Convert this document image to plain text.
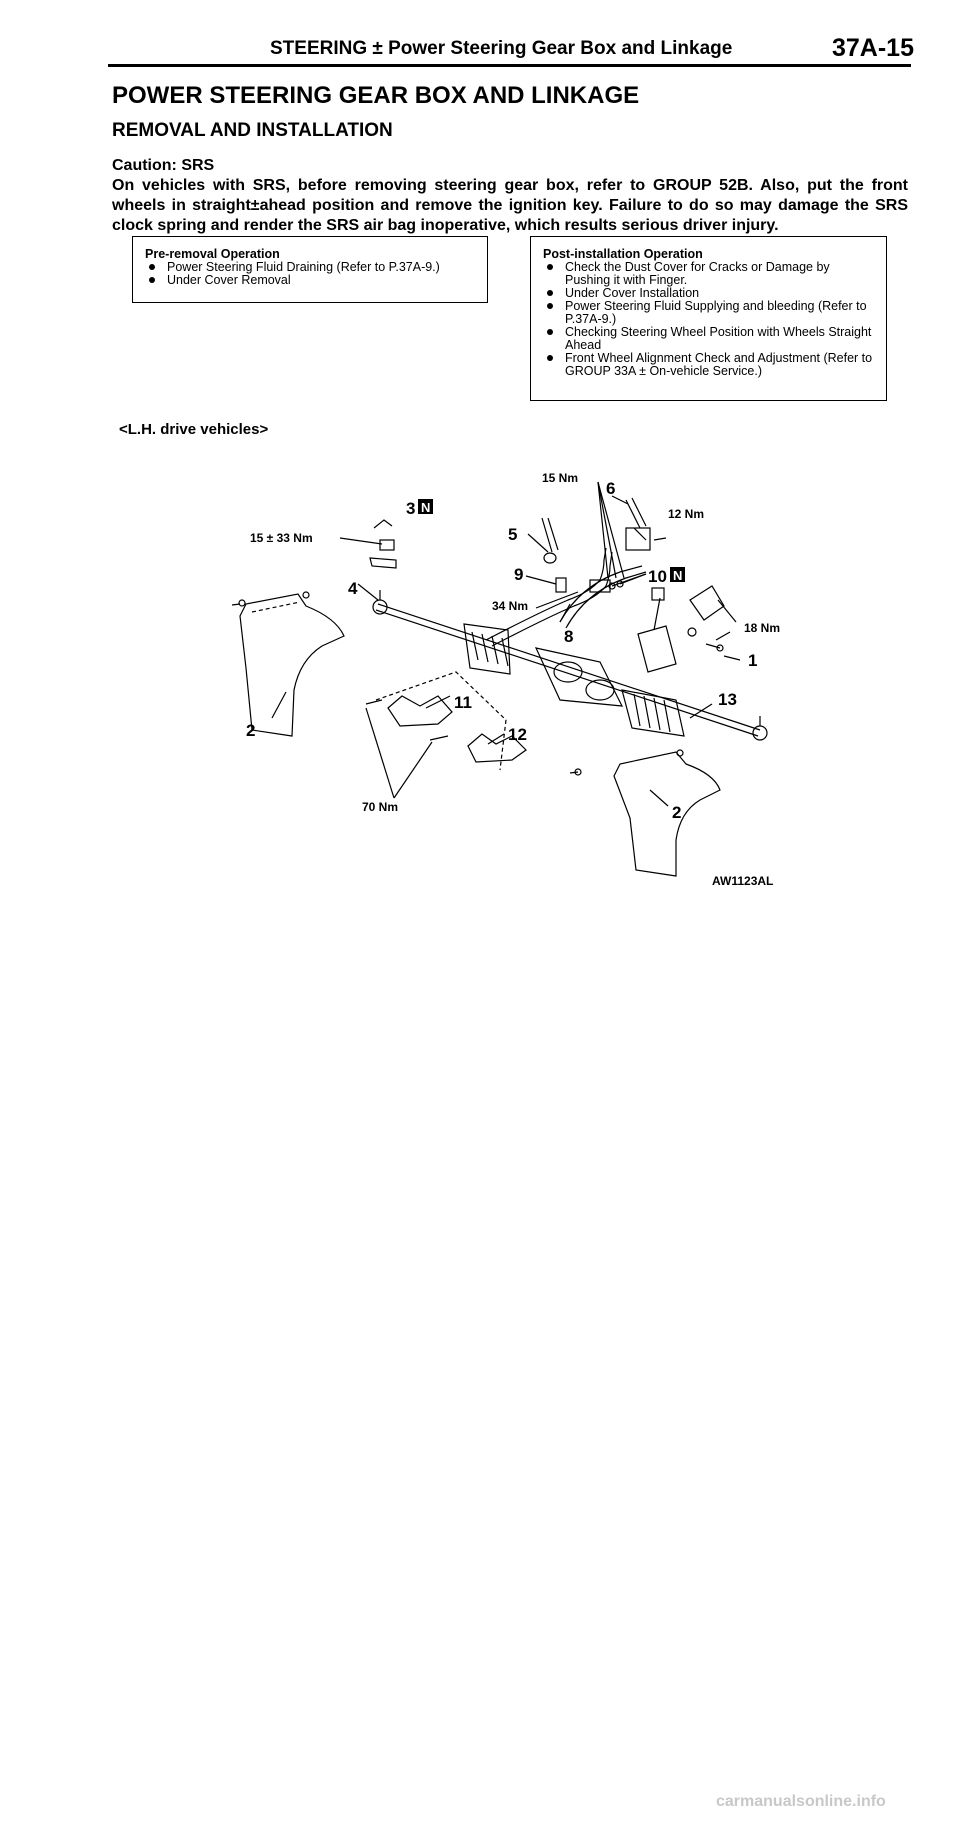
STEERING ± Power Steering Gear Box and Linkage	37A-15
POWER STEERING GEAR BOX AND LINKAGE
REMOVAL AND INSTALLATION
Caution: SRS
On vehicles with SRS, before removing steering gear box, refer to GROUP 52B. Also, put the front wheels in straight±ahead position and remove the ignition key. Failure to do so may damage the SRS clock spring and render the SRS air bag inoperative, which results serious driver injury.
Pre-removal Operation
Power Steering Fluid Draining (Refer to P.37A-9.)
Under Cover Removal
Post-installation Operation
Check the Dust Cover for Cracks or Damage by Pushing it with Finger.
Under Cover Installation
Power Steering Fluid Supplying and bleeding (Refer to P.37A-9.)
Checking Steering Wheel Position with Wheels Straight Ahead
Front Wheel Alignment Check and Adjustment (Refer to GROUP 33A ± On-vehicle Service.)
<L.H. drive vehicles>
15 ± 33 Nm
15 Nm
12 Nm
34 Nm
18 Nm
70 Nm
1
2
2
3
4
5
6
8
9	10
11
12
13
N
N
AW1123AL
carmanualsonline.info
